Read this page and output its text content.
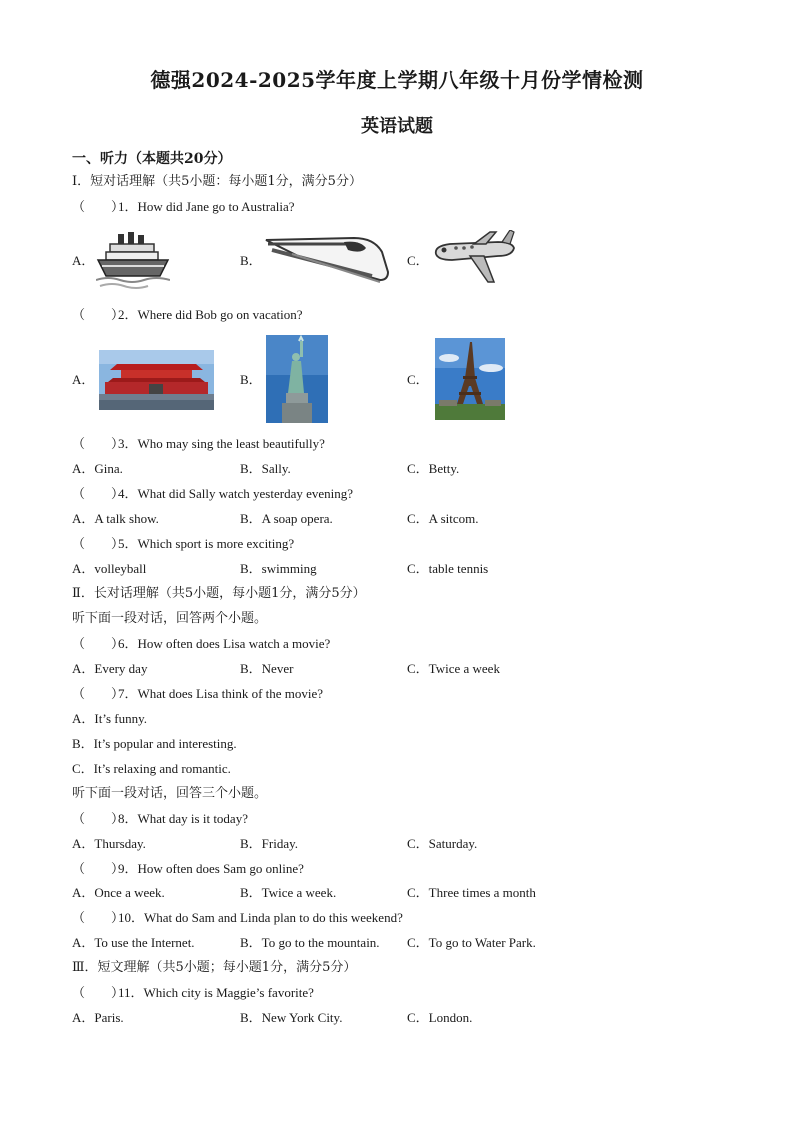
德强2024-2025学年度上学期八年级十月份学情检测
英语试题
一、听力（本题共20分）
Ⅰ．短对话理解（共5小题：每小题1分，满分5分）
（　　）
1．How did Jane go to Australia?
A．	B．	C．
（　　）
2．Where did Bob go on vacation?
A．	B．	C．
（　　）
3．Who may sing the least beautifully?
A．Gina.	B．Sally.	C．Betty.
（　　）
4．What did Sally watch yesterday evening?
A．A talk show.	B．A soap opera.	C．A sitcom.
（　　）
5．Which sport is more exciting?
A．volleyball	B．swimming	C．table tennis
Ⅱ．长对话理解（共5小题，每小题1分，满分5分）
听下面一段对话，回答两个小题。
（　　）
6．How often does Lisa watch a movie?
A．Every day	B．Never	C．Twice a week
（　　）
7．What does Lisa think of the movie?
A．It’s funny.
B．It’s popular and interesting.
C．It’s relaxing and romantic.
听下面一段对话，回答三个小题。
（　　）
8．What day is it today?
A．Thursday.	B．Friday.	C．Saturday.
（　　）
9．How often does Sam go online?
A．Once a week.	B．Twice a week.	C．Three times a month
（　　）
10．What do Sam and Linda plan to do this weekend?
A．To use the Internet.	B．To go to the mountain. C．To go to Water Park.
Ⅲ．短文理解（共5小题；每小题1分，满分5分）
（　　）
11．Which city is Maggie’s favorite?
A．Paris.	B．New York City.	C．London.
